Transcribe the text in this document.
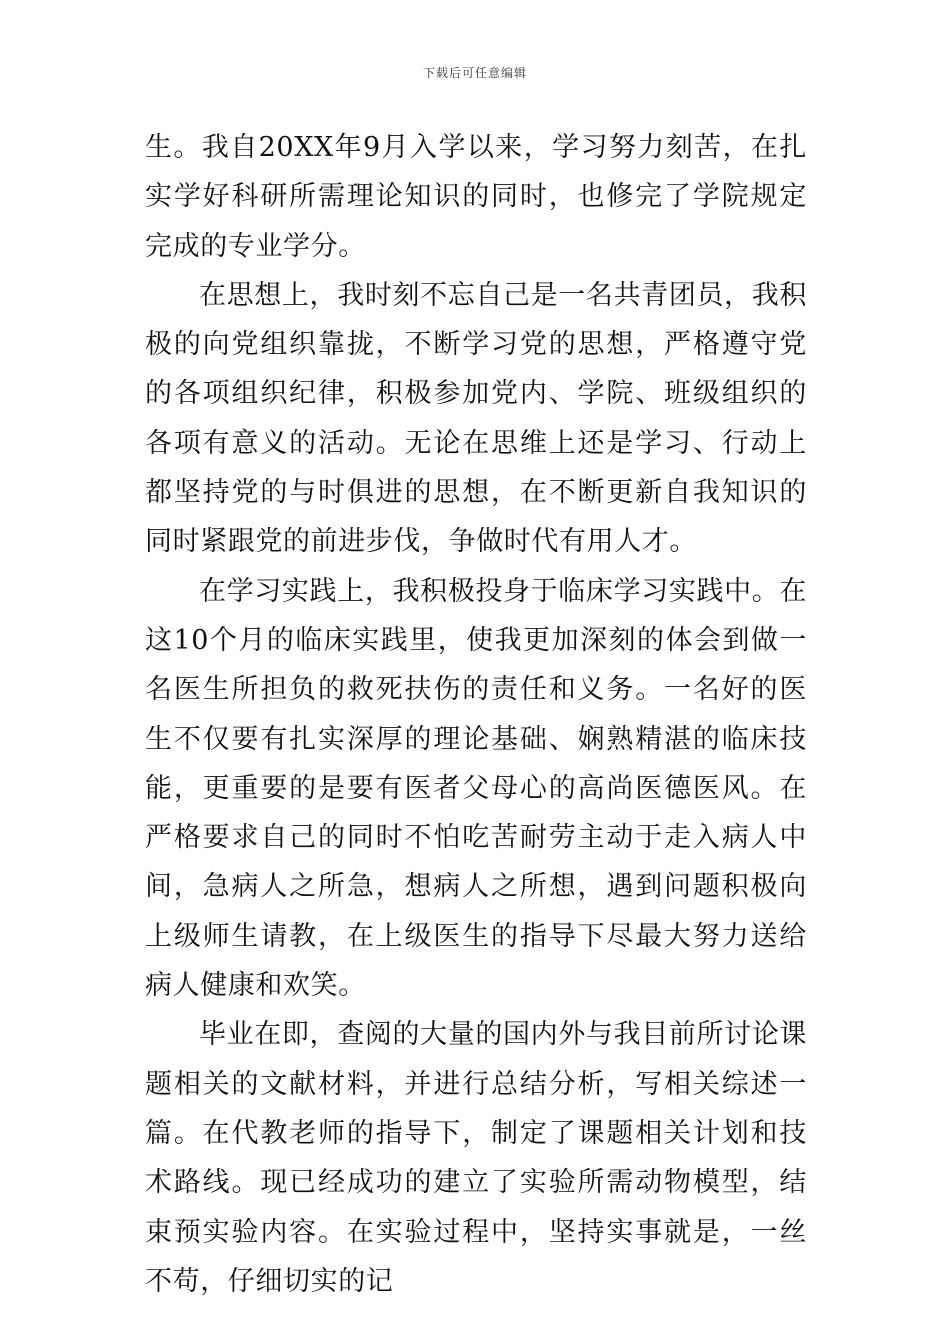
下载后可任意编辑

生。我自20XX年9月入学以来，学习努力刻苦，在扎实学好科研所需理论知识的同时，也修完了学院规定完成的专业学分。

在思想上，我时刻不忘自己是一名共青团员，我积极的向党组织靠拢，不断学习党的思想，严格遵守党的各项组织纪律，积极参加党内、学院、班级组织的各项有意义的活动。无论在思维上还是学习、行动上都坚持党的与时俱进的思想，在不断更新自我知识的同时紧跟党的前进步伐，争做时代有用人才。

在学习实践上，我积极投身于临床学习实践中。在这10个月的临床实践里，使我更加深刻的体会到做一名医生所担负的救死扶伤的责任和义务。一名好的医生不仅要有扎实深厚的理论基础、娴熟精湛的临床技能，更重要的是要有医者父母心的高尚医德医风。在严格要求自己的同时不怕吃苦耐劳主动于走入病人中间，急病人之所急，想病人之所想，遇到问题积极向上级师生请教，在上级医生的指导下尽最大努力送给病人健康和欢笑。

毕业在即，查阅的大量的国内外与我目前所讨论课题相关的文献材料，并进行总结分析，写相关综述一篇。在代教老师的指导下，制定了课题相关计划和技术路线。现已经成功的建立了实验所需动物模型，结束预实验内容。在实验过程中，坚持实事就是，一丝不苟，仔细切实的记
